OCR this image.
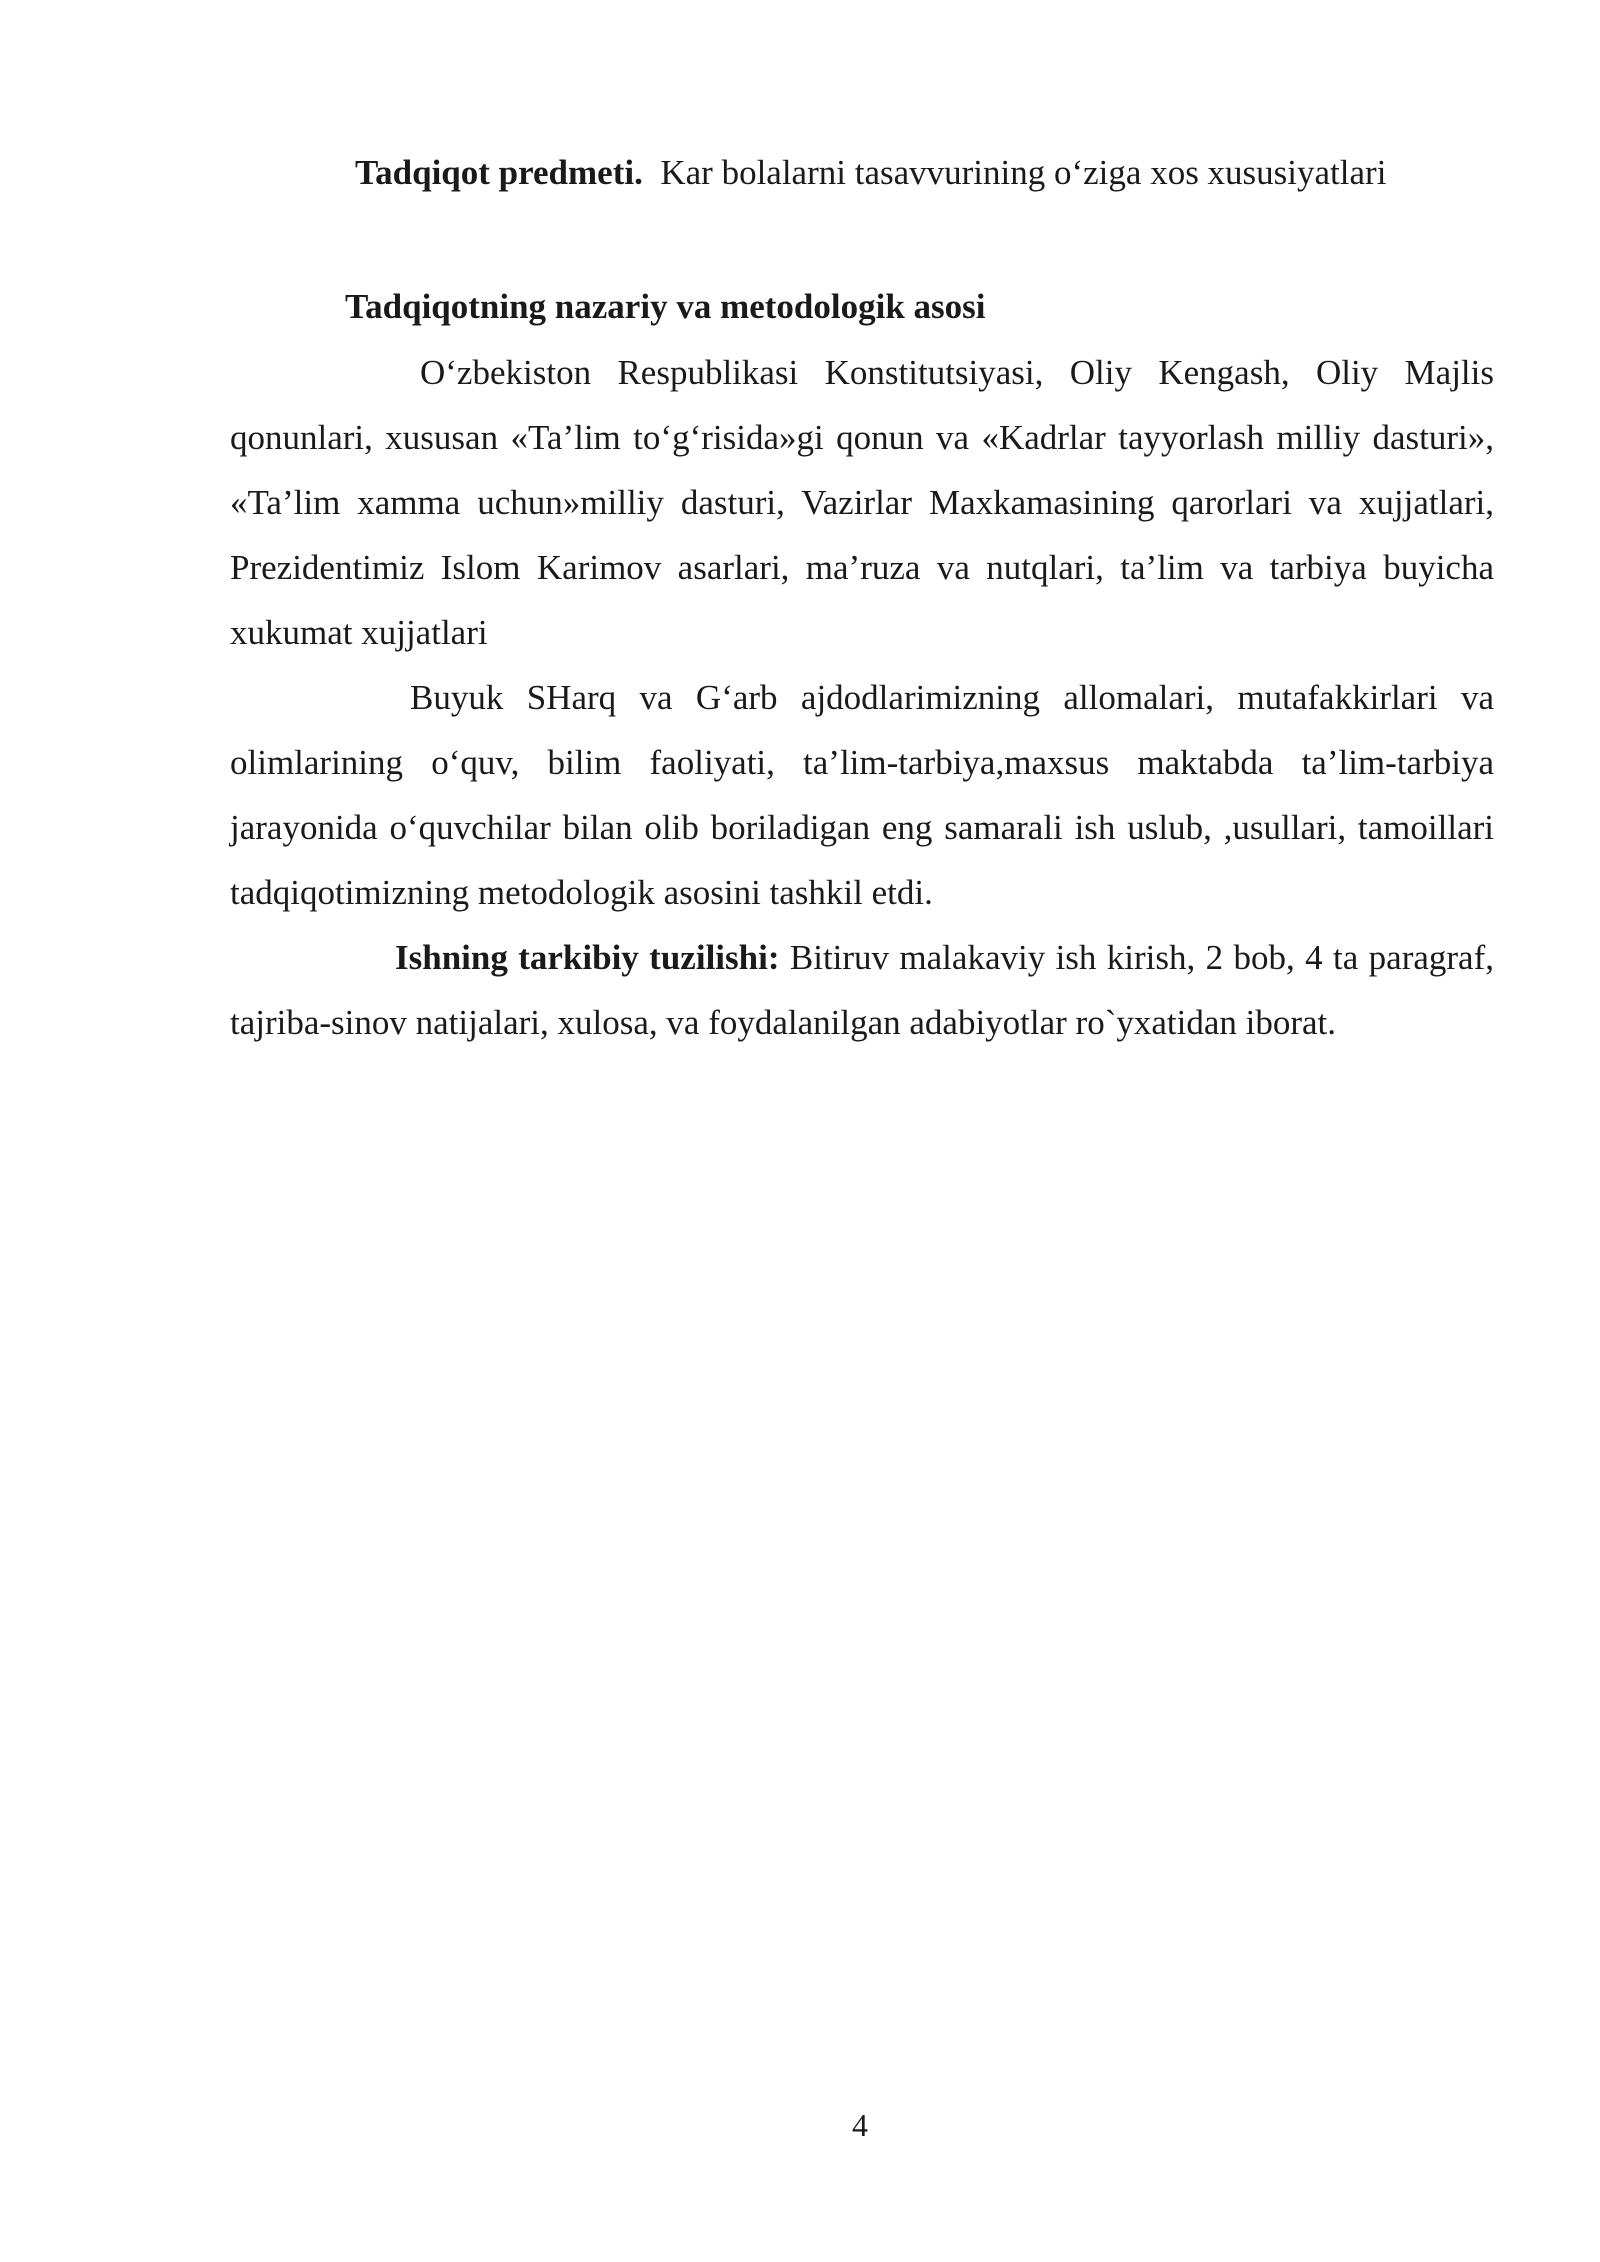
Tadqiqot predmeti. Kar bolalarni tasavvurining o‘ziga xos xususiyatlari
Tadqiqotning nazariy va metodologik asosi
O‘zbekiston Respublikasi Konstitutsiyasi, Oliy Kengash, Oliy Majlis qonunlari, xususan «Ta’lim to‘g‘risida»gi qonun va «Kadrlar tayyorlash milliy dasturi», «Ta’lim xamma uchun»milliy dasturi, Vazirlar Maxkamasining qarorlari va xujjatlari, Prezidentimiz Islom Karimov asarlari, ma’ruza va nutqlari, ta’lim va tarbiya buyicha xukumat xujjatlari
Buyuk SHarq va G‘arb ajdodlarimizning allomalari, mutafakkirlari va olimlarining o‘quv, bilim faoliyati, ta’lim-tarbiya,maxsus maktabda ta’lim-tarbiya jarayonida o‘quvchilar bilan olib boriladigan eng samarali ish uslub, ,usullari, tamoillari tadqiqotimizning metodologik asosini tashkil etdi.
Ishning tarkibiy tuzilishi: Bitiruv malakaviy ish kirish, 2 bob, 4 ta paragraf, tajriba-sinov natijalari, xulosa, va foydalanilgan adabiyotlar ro`yxatidan iborat.
4
